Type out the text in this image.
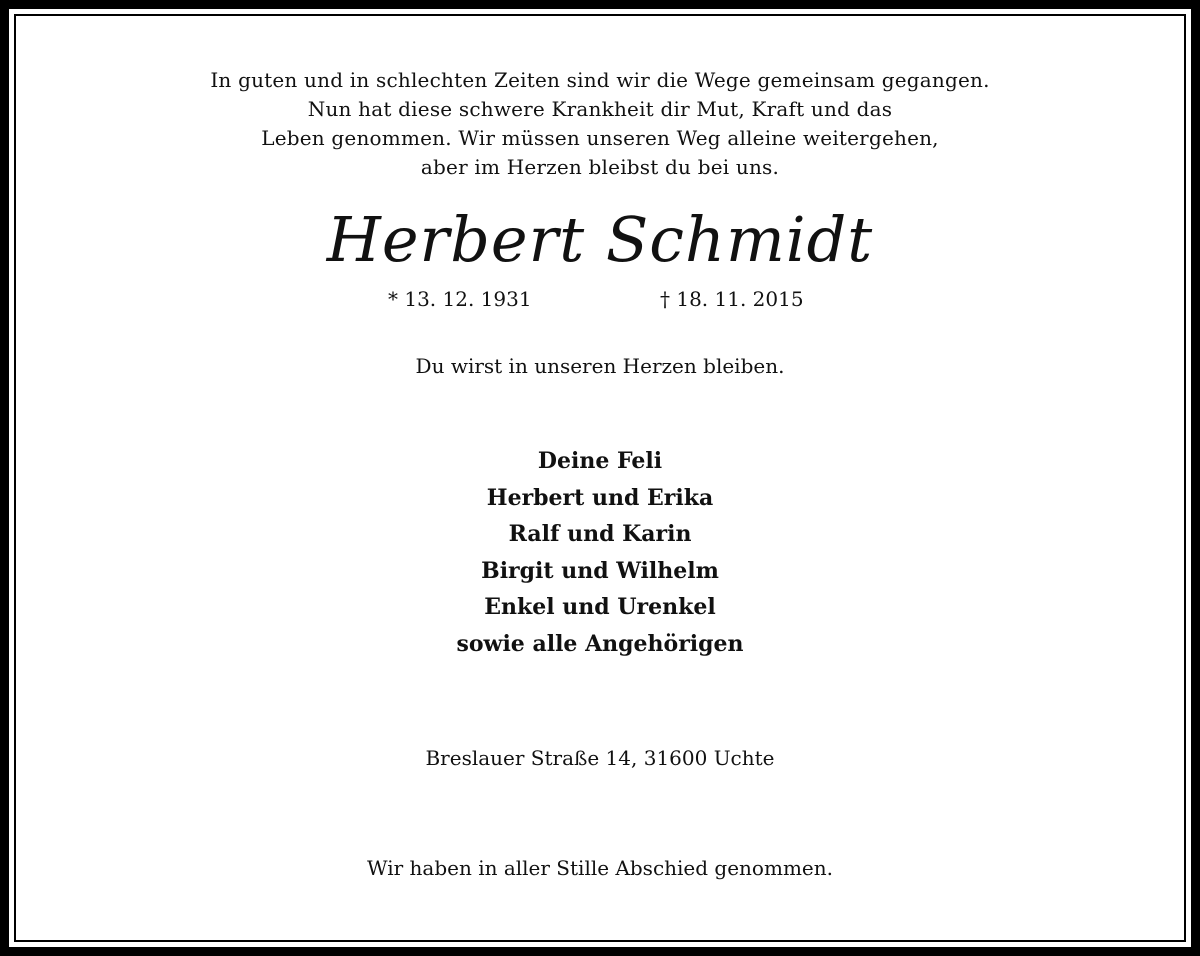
In guten und in schlechten Zeiten sind wir die Wege gemeinsam gegangen.
Nun hat diese schwere Krankheit dir Mut, Kraft und das
Leben genommen. Wir müssen unseren Weg alleine weitergehen,
aber im Herzen bleibst du bei uns.
Herbert Schmidt
* 13. 12. 1931	† 18. 11. 2015
Du wirst in unseren Herzen bleiben.
Deine Feli
Herbert und Erika
Ralf und Karin
Birgit und Wilhelm
Enkel und Urenkel
sowie alle Angehörigen
Breslauer Straße 14, 31600 Uchte
Wir haben in aller Stille Abschied genommen.
